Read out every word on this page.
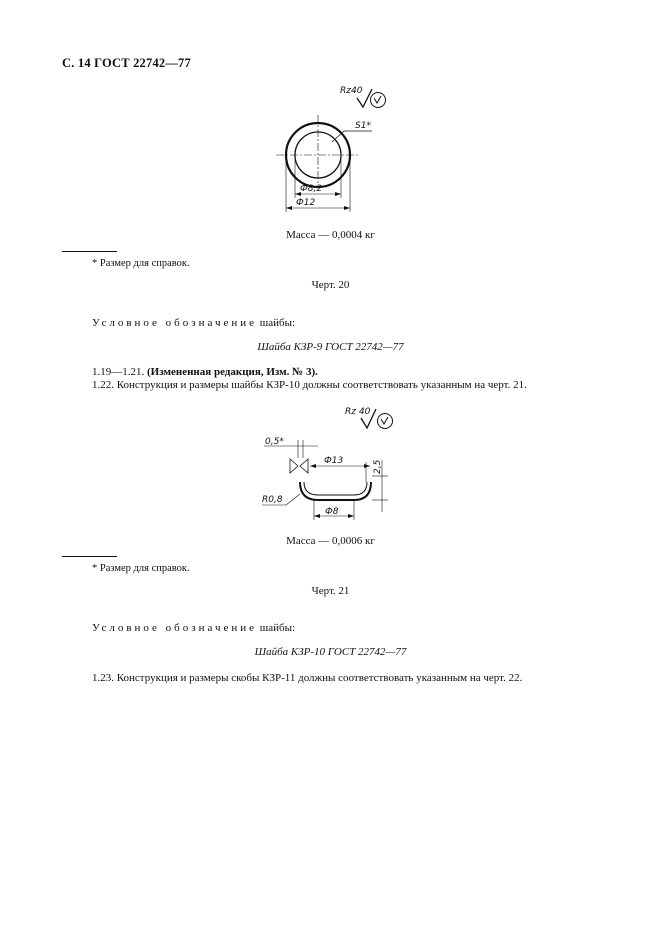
С. 14 ГОСТ 22742—77
Rz40
S1*
Ф8,2
Ф12
Масса — 0,0004 кг
* Размер для справок.
Черт. 20
Условное обозначение шайбы:
Шайба КЗР-9 ГОСТ 22742—77
1.19—1.21. (Измененная редакция, Изм. № 3).
1.22. Конструкция и размеры шайбы КЗР-10 должны соответствовать указанным на черт. 21.
Rz 40
0,5*
Ф13	2,5
Ф8
R0,8
Масса — 0,0006 кг
* Размер для справок.
Черт. 21
Условное обозначение шайбы:
Шайба КЗР-10 ГОСТ 22742—77
1.23. Конструкция и размеры скобы КЗР-11 должны соответствовать указанным на черт. 22.
